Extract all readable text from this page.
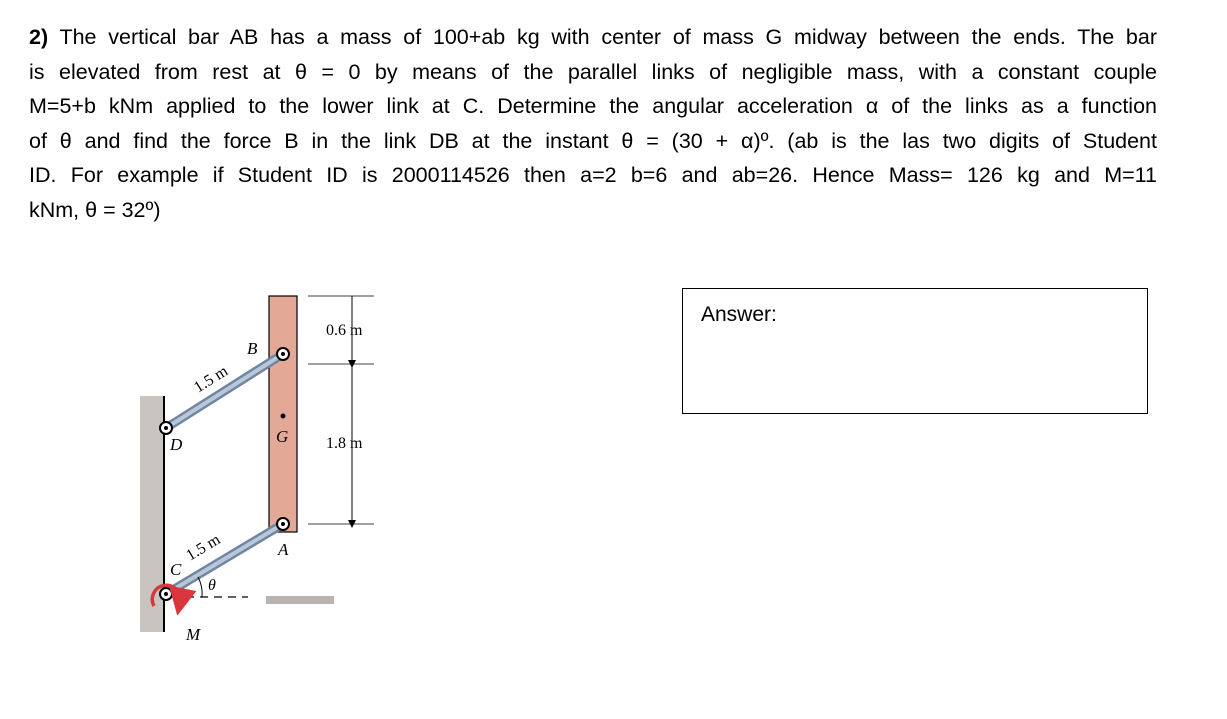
2) The vertical bar AB has a mass of 100+ab kg with center of mass G midway between the ends. The bar
is elevated from rest at θ = 0 by means of the parallel links of negligible mass, with a constant couple
M=5+b kNm applied to the lower link at C. Determine the angular acceleration α of the links as a function
of θ and find the force B in the link DB at the instant θ = (30 + α)º. (ab is the las two digits of Student
ID. For example if Student ID is 2000114526 then a=2 b=6 and ab=26. Hence Mass= 126 kg and M=11
kNm, θ = 32º)
B
D	G
A
C
M
θ
1.5 m
1.5 m
0.6 m
1.8 m
Answer:
